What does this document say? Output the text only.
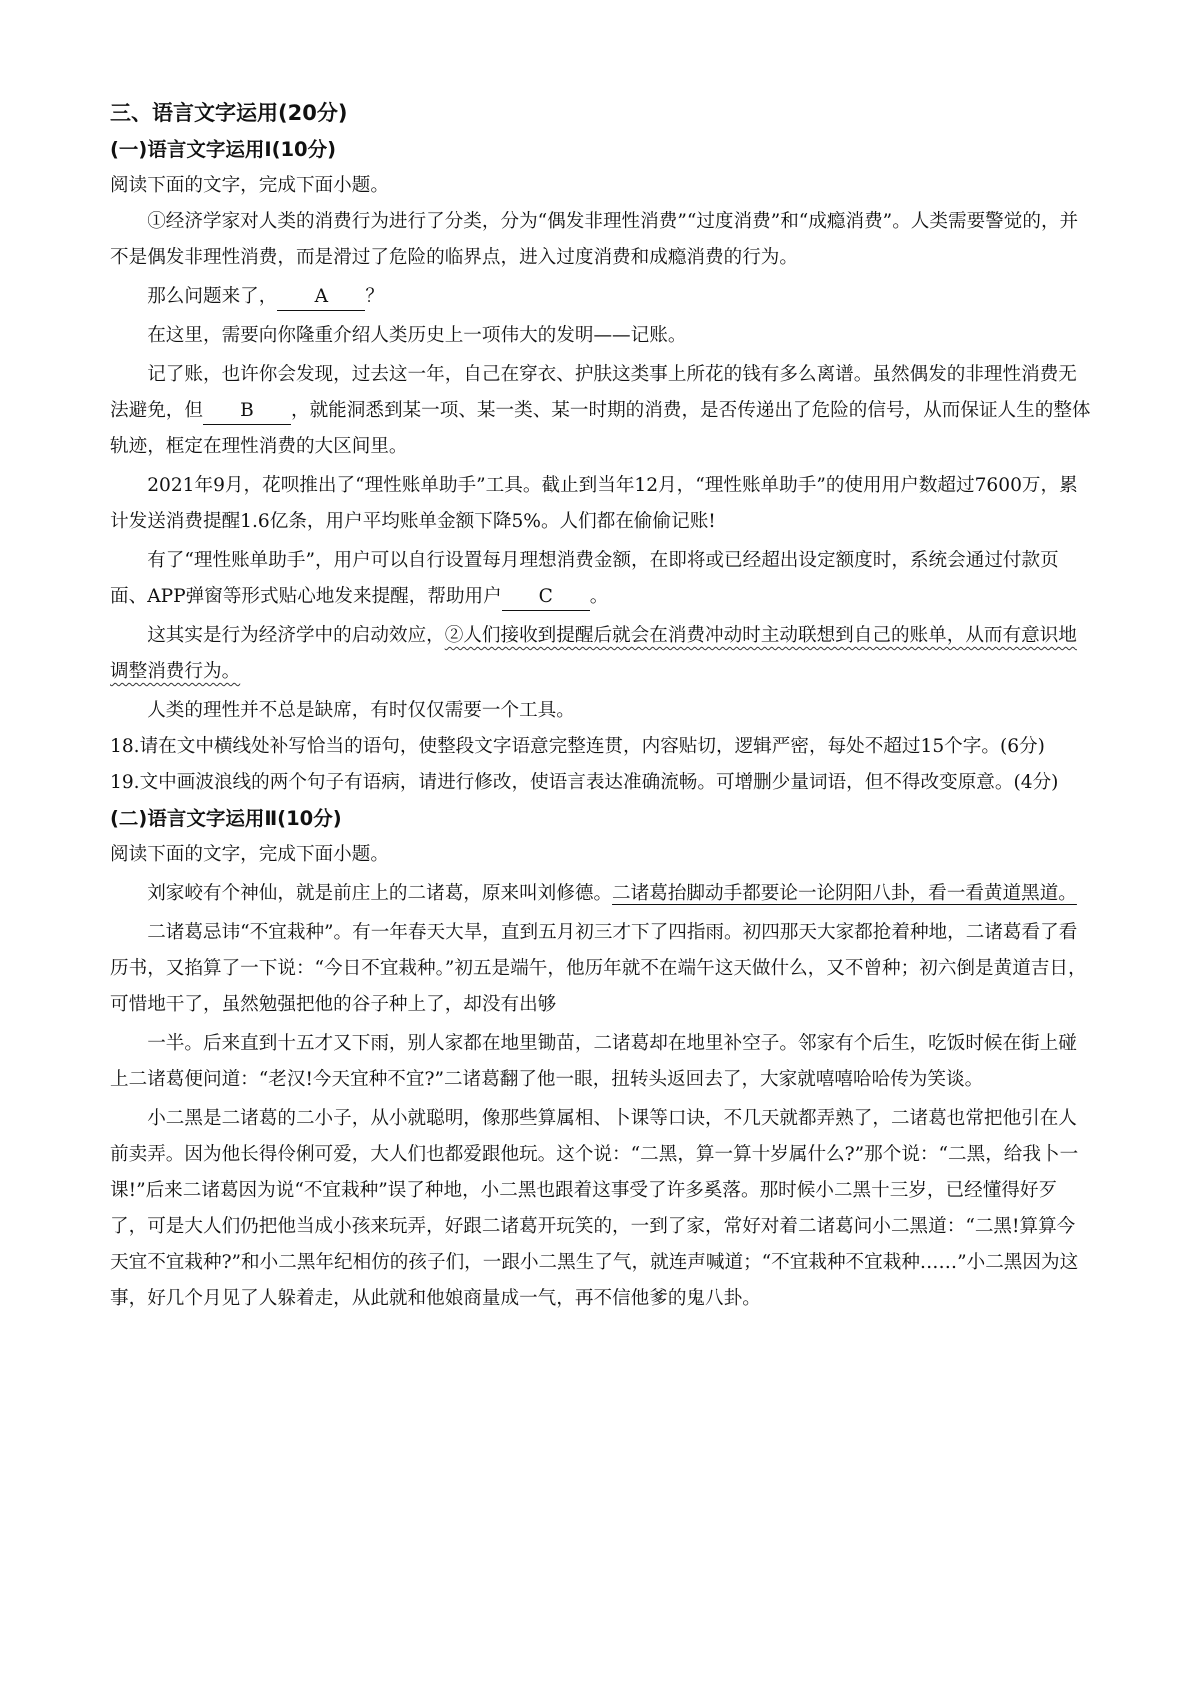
三、语言文字运用(20分)
(一)语言文字运用Ⅰ(10分)

阅读下面的文字，完成下面小题。

①经济学家对人类的消费行为进行了分类，分为“偶发非理性消费”“过度消费”和“成瘾消费”。人类需要警觉的，并不是偶发非理性消费，而是滑过了危险的临界点，进入过度消费和成瘾消费的行为。

那么问题来了， A ？

在这里，需要向你隆重介绍人类历史上一项伟大的发明——记账。

记了账，也许你会发现，过去这一年，自己在穿衣、护肤这类事上所花的钱有多么离谱。虽然偶发的非理性消费无法避免，但 B ，就能洞悉到某一项、某一类、某一时期的消费，是否传递出了危险的信号，从而保证人生的整体轨迹，框定在理性消费的大区间里。

2021年9月，花呗推出了“理性账单助手”工具。截止到当年12月，“理性账单助手”的使用用户数超过7600万，累计发送消费提醒1.6亿条，用户平均账单金额下降5%。人们都在偷偷记账!

有了“理性账单助手”，用户可以自行设置每月理想消费金额，在即将或已经超出设定额度时，系统会通过付款页面、APP弹窗等形式贴心地发来提醒，帮助用户 C 。

这其实是行为经济学中的启动效应，②人们接收到提醒后就会在消费冲动时主动联想到自己的账单，从而有意识地调整消费行为。

人类的理性并不总是缺席，有时仅仅需要一个工具。

18.请在文中横线处补写恰当的语句，使整段文字语意完整连贯，内容贴切，逻辑严密，每处不超过15个字。(6分)

19.文中画波浪线的两个句子有语病，请进行修改，使语言表达准确流畅。可增删少量词语，但不得改变原意。(4分)

(二)语言文字运用Ⅱ(10分)

阅读下面的文字，完成下面小题。

刘家峧有个神仙，就是前庄上的二诸葛，原来叫刘修德。二诸葛抬脚动手都要论一论阴阳八卦，看一看黄道黑道。

二诸葛忌讳“不宜栽种”。有一年春天大旱，直到五月初三才下了四指雨。初四那天大家都抢着种地，二诸葛看了看历书，又掐算了一下说：“今日不宜栽种。”初五是端午，他历年就不在端午这天做什么，又不曾种；初六倒是黄道吉日，可惜地干了，虽然勉强把他的谷子种上了，却没有出够

一半。后来直到十五才又下雨，别人家都在地里锄苗，二诸葛却在地里补空子。邻家有个后生，吃饭时候在街上碰上二诸葛便问道：“老汉!今天宜种不宜?”二诸葛翻了他一眼，扭转头返回去了，大家就嘻嘻哈哈传为笑谈。

小二黑是二诸葛的二小子，从小就聪明，像那些算属相、卜课等口诀，不几天就都弄熟了，二诸葛也常把他引在人前卖弄。因为他长得伶俐可爱，大人们也都爱跟他玩。这个说：“二黑，算一算十岁属什么?”那个说：“二黑，给我卜一课!”后来二诸葛因为说“不宜栽种”误了种地，小二黑也跟着这事受了许多奚落。那时候小二黑十三岁，已经懂得好歹了，可是大人们仍把他当成小孩来玩弄，好跟二诸葛开玩笑的，一到了家，常好对着二诸葛问小二黑道：“二黑!算算今天宜不宜栽种?”和小二黑年纪相仿的孩子们，一跟小二黑生了气，就连声喊道；“不宜栽种不宜栽种……”小二黑因为这事，好几个月见了人躲着走，从此就和他娘商量成一气，再不信他爹的鬼八卦。
